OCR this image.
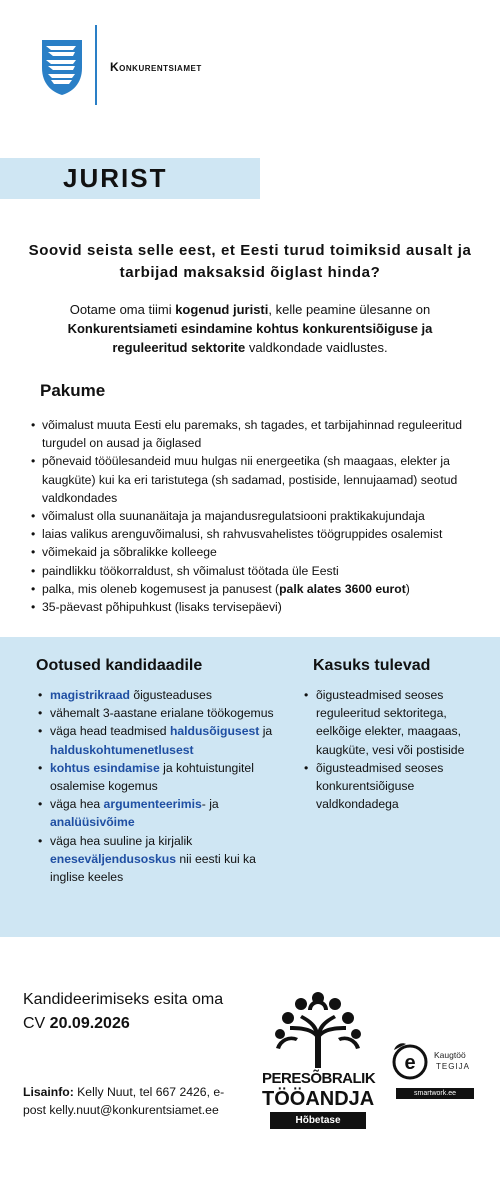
Konkurentsiamet
JURIST
Soovid seista selle eest, et Eesti turud toimiksid ausalt ja tarbijad maksaksid õiglast hinda?
Ootame oma tiimi kogenud juristi, kelle peamine ülesanne on Konkurentsiameti esindamine kohtus konkurentsiõiguse ja reguleeritud sektorite valdkondade vaidlustes.
Pakume
• võimalust muuta Eesti elu paremaks, sh tagades, et tarbijahinnad reguleeritud turgudel on ausad ja õiglased
• põnevaid tööülesandeid muu hulgas nii energeetika (sh maagaas, elekter ja kaugküte) kui ka eri taristutega (sh sadamad, postiside, lennujaamad) seotud valdkondades
• võimalust olla suunanäitaja ja majandusregulatsiooni praktikakujundaja
• laias valikus arenguvõimalusi, sh rahvusvahelistes töögruppides osalemist
• võimekaid ja sõbralikke kolleege
• paindlikku töökorraldust, sh võimalust töötada üle Eesti
• palka, mis oleneb kogemusest ja panusest (palk alates 3600 eurot)
• 35-päevast põhipuhkust (lisaks tervisepäevi)
Ootused kandidaadile
• magistrikraad õigusteaduses
• vähemalt 3-aastane erialane töökogemus
• väga head teadmised haldusõigusest ja halduskohtumenetlusest
• kohtus esindamise ja kohtuistungitel osalemise kogemus
• väga hea argumenteerimis- ja analüüsivõime
• väga hea suuline ja kirjalik eneseväljendusoskus nii eesti kui ka inglise keeles
Kasuks tulevad
• õigusteadmised seoses reguleeritud sektoritega, eelkõige elekter, maagaas, kaugküte, vesi või postiside
• õigusteadmised seoses konkurentsiõiguse valdkondadega
Kandideerimiseks esita oma CV 20.09.2026
Lisainfo: Kelly Nuut, tel 667 2426, e-post kelly.nuut@konkurentsiamet.ee
PERESÕBRALIK
TÖÖANDJA
Hõbetase
e Kaugtöö
TEGIJA
smartwork.ee
